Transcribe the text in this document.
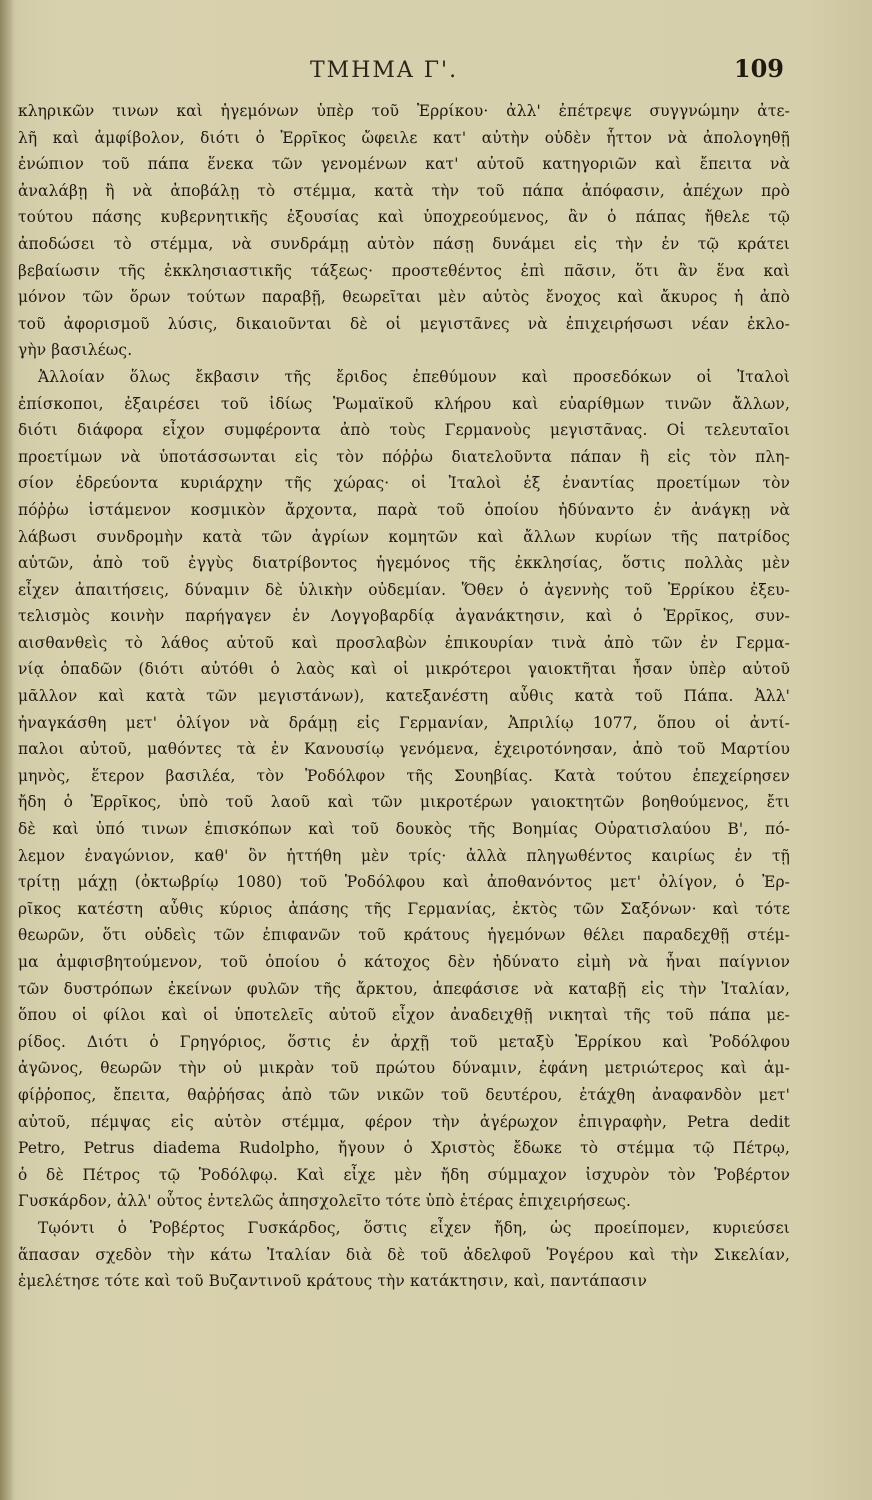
ΤΜΗΜΑ Γ'.	109
κληρικῶν τινων καὶ ἡγεμόνων ὑπὲρ τοῦ Ἐρρίκου· ἀλλ' ἐπέτρεψε συγγνώμην ἀτε-
λῆ καὶ ἀμφίβολον, διότι ὁ Ἐρρῖκος ὤφειλε κατ' αὐτὴν οὐδὲν ἧττον νὰ ἀπολογηθῇ
ἐνώπιον τοῦ πάπα ἕνεκα τῶν γενομένων κατ' αὐτοῦ κατηγοριῶν καὶ ἔπειτα νὰ
ἀναλάβῃ ἢ νὰ ἀποβάλῃ τὸ στέμμα, κατὰ τὴν τοῦ πάπα ἀπόφασιν, ἀπέχων πρὸ
τούτου πάσης κυβερνητικῆς ἐξουσίας καὶ ὑποχρεούμενος, ἂν ὁ πάπας ἤθελε τῷ
ἀποδώσει τὸ στέμμα, νὰ συνδράμῃ αὐτὸν πάσῃ δυνάμει εἰς τὴν ἐν τῷ κράτει
βεβαίωσιν τῆς ἐκκλησιαστικῆς τάξεως· προστεθέντος ἐπὶ πᾶσιν, ὅτι ἂν ἕνα καὶ
μόνον τῶν ὅρων τούτων παραβῇ, θεωρεῖται μὲν αὐτὸς ἔνοχος καὶ ἄκυρος ἡ ἀπὸ
τοῦ ἀφορισμοῦ λύσις, δικαιοῦνται δὲ οἱ μεγιστᾶνες νὰ ἐπιχειρήσωσι νέαν ἐκλο-
γὴν βασιλέως.
Ἀλλοίαν ὅλως ἔκβασιν τῆς ἔριδος ἐπεθύμουν καὶ προσεδόκων οἱ Ἰταλοὶ
ἐπίσκοποι, ἐξαιρέσει τοῦ ἰδίως Ῥωμαϊκοῦ κλήρου καὶ εὐαρίθμων τινῶν ἄλλων,
διότι διάφορα εἶχον συμφέροντα ἀπὸ τοὺς Γερμανοὺς μεγιστᾶνας. Οἱ τελευταῖοι
προετίμων νὰ ὑποτάσσωνται εἰς τὸν πόῤῥω διατελοῦντα πάπαν ἢ εἰς τὸν πλη-
σίον ἐδρεύοντα κυριάρχην τῆς χώρας· οἱ Ἰταλοὶ ἐξ ἐναντίας προετίμων τὸν
πόῤῥω ἱστάμενον κοσμικὸν ἄρχοντα, παρὰ τοῦ ὁποίου ἠδύναντο ἐν ἀνάγκῃ νὰ
λάβωσι συνδρομὴν κατὰ τῶν ἀγρίων κομητῶν καὶ ἄλλων κυρίων τῆς πατρίδος
αὐτῶν, ἀπὸ τοῦ ἐγγὺς διατρίβοντος ἡγεμόνος τῆς ἐκκλησίας, ὅστις πολλὰς μὲν
εἶχεν ἀπαιτήσεις, δύναμιν δὲ ὑλικὴν οὐδεμίαν. Ὅθεν ὁ ἀγεννὴς τοῦ Ἐρρίκου ἐξευ-
τελισμὸς κοινὴν παρήγαγεν ἐν Λογγοβαρδίᾳ ἀγανάκτησιν, καὶ ὁ Ἐρρῖκος, συν-
αισθανθεὶς τὸ λάθος αὐτοῦ καὶ προσλαβὼν ἐπικουρίαν τινὰ ἀπὸ τῶν ἐν Γερμα-
νίᾳ ὀπαδῶν (διότι αὐτόθι ὁ λαὸς καὶ οἱ μικρότεροι γαιοκτῆται ἦσαν ὑπὲρ αὐτοῦ
μᾶλλον καὶ κατὰ τῶν μεγιστάνων), κατεξανέστη αὖθις κατὰ τοῦ Πάπα. Ἀλλ'
ἠναγκάσθη μετ' ὀλίγον νὰ δράμῃ εἰς Γερμανίαν, Ἀπριλίῳ 1077, ὅπου οἱ ἀντί-
παλοι αὐτοῦ, μαθόντες τὰ ἐν Κανουσίῳ γενόμενα, ἐχειροτόνησαν, ἀπὸ τοῦ Μαρτίου
μηνὸς, ἕτερον βασιλέα, τὸν Ῥοδόλφον τῆς Σουηβίας. Κατὰ τούτου ἐπεχείρησεν
ἤδη ὁ Ἐρρῖκος, ὑπὸ τοῦ λαοῦ καὶ τῶν μικροτέρων γαιοκτητῶν βοηθούμενος, ἔτι
δὲ καὶ ὑπό τινων ἐπισκόπων καὶ τοῦ δουκὸς τῆς Βοημίας Οὐρατισλαύου Β', πό-
λεμον ἐναγώνιον, καθ' ὃν ἡττήθη μὲν τρίς· ἀλλὰ πληγωθέντος καιρίως ἐν τῇ
τρίτῃ μάχῃ (ὀκτωβρίῳ 1080) τοῦ Ῥοδόλφου καὶ ἀποθανόντος μετ' ὀλίγον, ὁ Ἐρ-
ρῖκος κατέστη αὖθις κύριος ἁπάσης τῆς Γερμανίας, ἐκτὸς τῶν Σαξόνων· καὶ τότε
θεωρῶν, ὅτι οὐδεὶς τῶν ἐπιφανῶν τοῦ κράτους ἡγεμόνων θέλει παραδεχθῇ στέμ-
μα ἀμφισβητούμενον, τοῦ ὁποίου ὁ κάτοχος δὲν ἠδύνατο εἰμὴ νὰ ἦναι παίγνιον
τῶν δυστρόπων ἐκείνων φυλῶν τῆς ἄρκτου, ἀπεφάσισε νὰ καταβῇ εἰς τὴν Ἰταλίαν,
ὅπου οἱ φίλοι καὶ οἱ ὑποτελεῖς αὐτοῦ εἶχον ἀναδειχθῇ νικηταὶ τῆς τοῦ πάπα με-
ρίδος. Διότι ὁ Γρηγόριος, ὅστις ἐν ἀρχῇ τοῦ μεταξὺ Ἐρρίκου καὶ Ῥοδόλφου
ἀγῶνος, θεωρῶν τὴν οὐ μικρὰν τοῦ πρώτου δύναμιν, ἐφάνη μετριώτερος καὶ ἀμ-
φίῤῥοπος, ἔπειτα, θαῤῥήσας ἀπὸ τῶν νικῶν τοῦ δευτέρου, ἐτάχθη ἀναφανδὸν μετ'
αὐτοῦ, πέμψας εἰς αὐτὸν στέμμα, φέρον τὴν ἀγέρωχον ἐπιγραφὴν, Petra dedit
Petro, Petrus diadema Rudolpho, ἤγουν ὁ Χριστὸς ἔδωκε τὸ στέμμα τῷ Πέτρῳ,
ὁ δὲ Πέτρος τῷ Ῥοδόλφῳ. Καὶ εἶχε μὲν ἤδη σύμμαχον ἰσχυρὸν τὸν Ῥοβέρτον
Γυσκάρδον, ἀλλ' οὗτος ἐντελῶς ἀπησχολεῖτο τότε ὑπὸ ἑτέρας ἐπιχειρήσεως.
Τῳόντι ὁ Ῥοβέρτος Γυσκάρδος, ὅστις εἶχεν ἤδη, ὡς προείπομεν, κυριεύσει
ἅπασαν σχεδὸν τὴν κάτω Ἰταλίαν διὰ δὲ τοῦ ἀδελφοῦ Ῥογέρου καὶ τὴν Σικελίαν,
ἐμελέτησε τότε καὶ τοῦ Βυζαντινοῦ κράτους τὴν κατάκτησιν, καὶ, παντάπασιν
